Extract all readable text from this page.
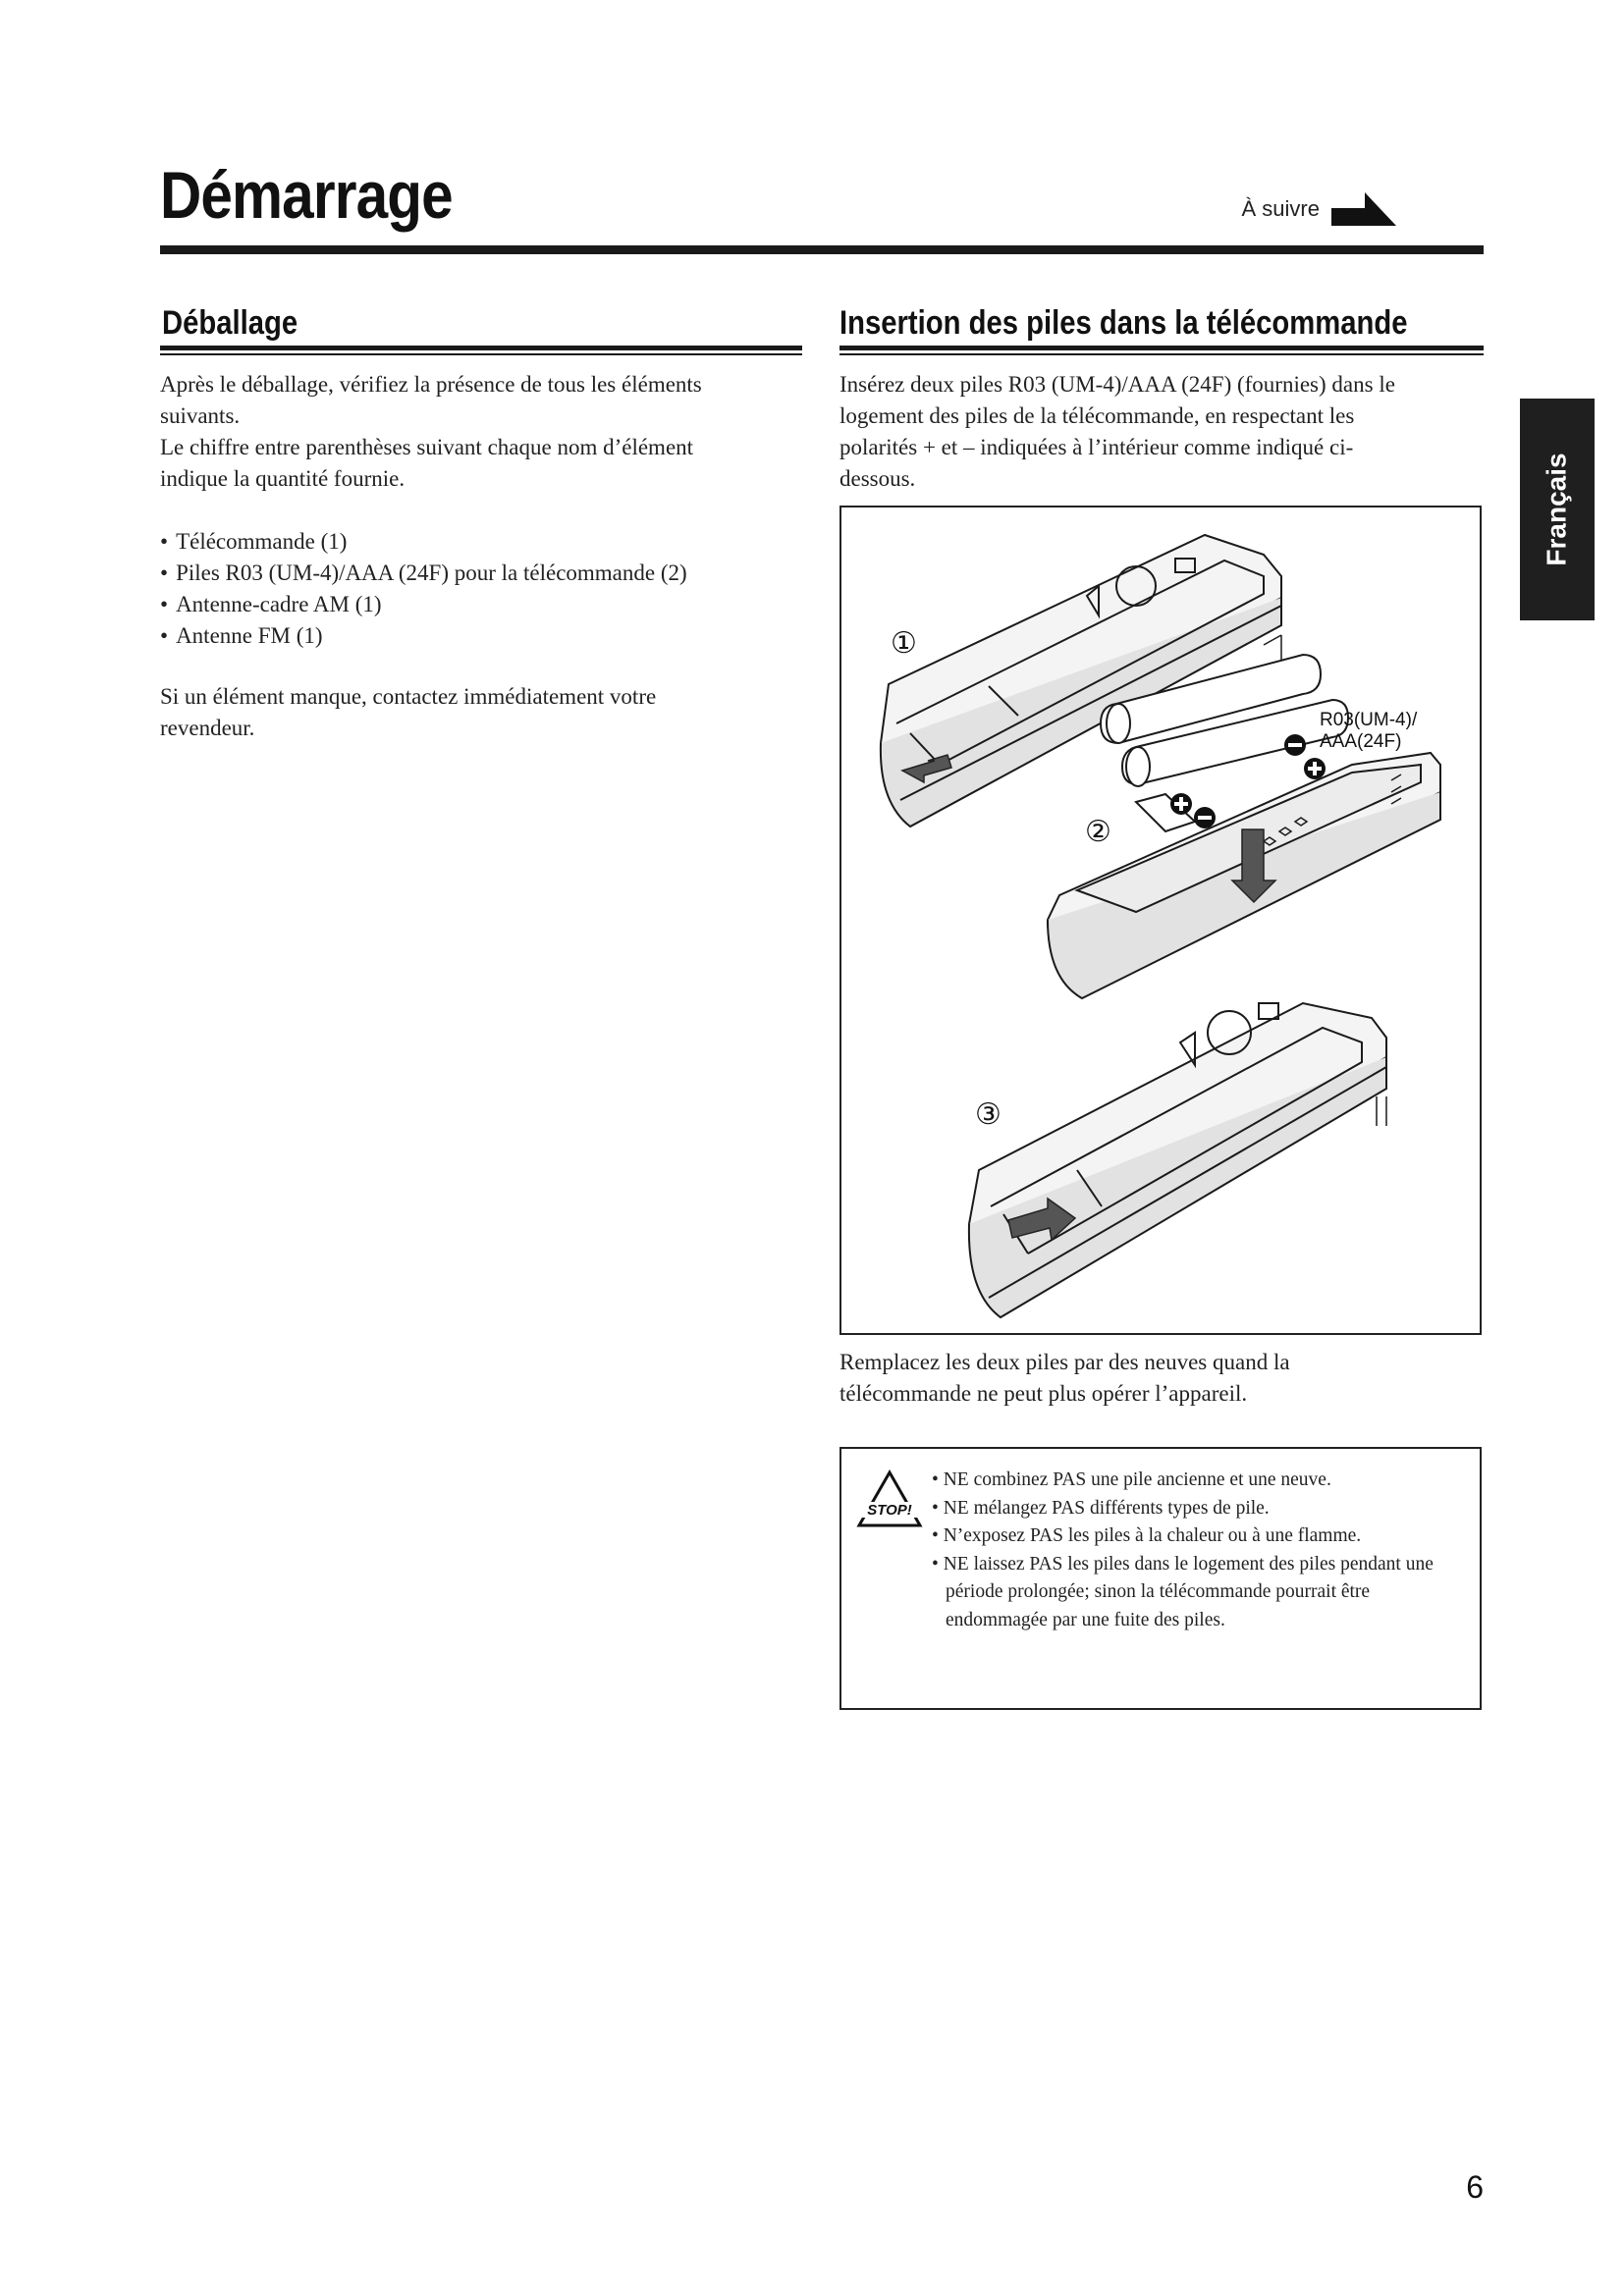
Démarrage	À suivre
Français
Déballage

Après le déballage, vérifiez la présence de tous les éléments

suivants.

Le chiffre entre parenthèses suivant chaque nom d’élément

indique la quantité fournie.

• Télécommande (1)
• Piles R03 (UM-4)/AAA (24F) pour la télécommande (2)
• Antenne-cadre AM (1)
• Antenne FM (1)

Si un élément manque, contactez immédiatement votre

revendeur.

Insertion des piles dans la télécommande

Insérez deux piles R03 (UM-4)/AAA (24F) (fournies) dans le

logement des piles de la télécommande, en respectant les

polarités + et – indiquées à l’intérieur comme indiqué ci-

dessous.

①
②
③
R03(UM-4)/
AAA(24F)

Remplacez les deux piles par des neuves quand la

télécommande ne peut plus opérer l’appareil.

STOP!
• NE combinez PAS une pile ancienne et une neuve.
• NE mélangez PAS différents types de pile.
• N’exposez PAS les piles à la chaleur ou à une flamme.
• NE laissez PAS les piles dans le logement des piles pendant une période prolongée; sinon la télécommande pourrait être endommagée par une fuite des piles.
6
